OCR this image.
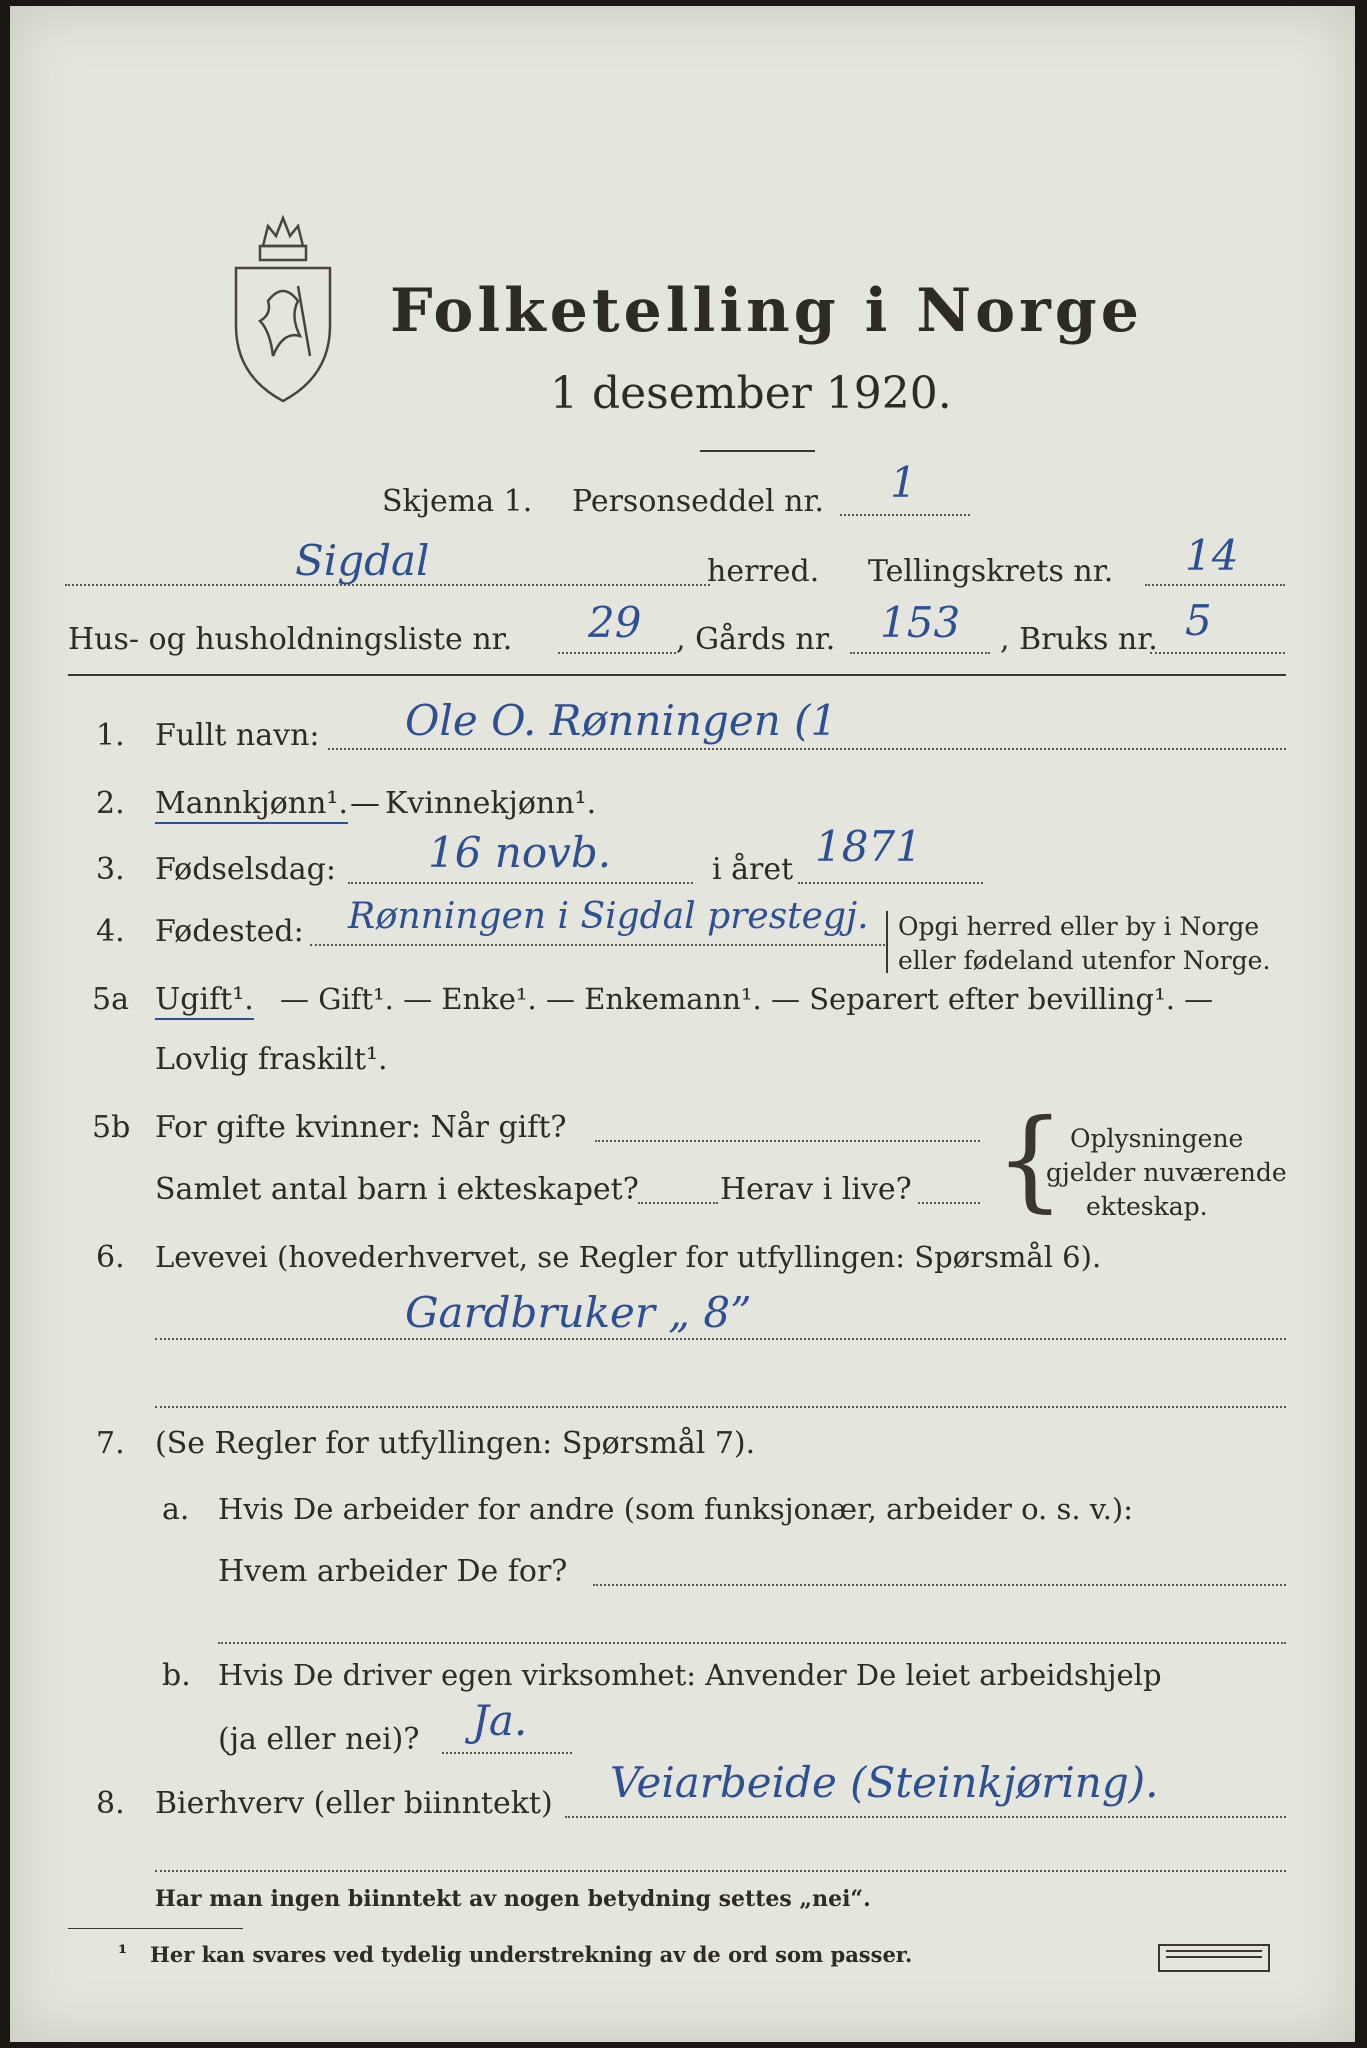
Folketelling i Norge
1 desember 1920.
Skjema 1. Personseddel nr. 1
Sigdal	herred. Tellingskrets nr. 14
Hus- og husholdningsliste nr. 29 , Gårds nr. 153 , Bruks nr. 5
1. Fullt navn: Ole O. Rønningen (1
2. Mannkjønn¹. — Kvinnekjønn¹.
3. Fødselsdag: 16 novb.	i året 1871
4. Fødested: Rønningen i Sigdal prestegj. Opgi herred eller by i Norge
eller fødeland utenfor Norge.
5a Ugift¹. — Gift¹. — Enke¹. — Enkemann¹. — Separert efter bevilling¹. —
Lovlig fraskilt¹.
5b For gifte kvinner: Når gift?
Samlet antal barn i ekteskapet?	Herav i live? { Oplysningene
gjelder nuværende
ekteskap.
6. Levevei (hovederhvervet, se Regler for utfyllingen: Spørsmål 6).
Gardbruker „ 8”
7. (Se Regler for utfyllingen: Spørsmål 7).
a. Hvis De arbeider for andre (som funksjonær, arbeider o. s. v.):
Hvem arbeider De for?
b. Hvis De driver egen virksomhet: Anvender De leiet arbeidshjelp
(ja eller nei)? Ja.
8. Bierhverv (eller biinntekt) Veiarbeide (Steinkjøring).
Har man ingen biinntekt av nogen betydning settes „nei“.
¹ Her kan svares ved tydelig understrekning av de ord som passer.
